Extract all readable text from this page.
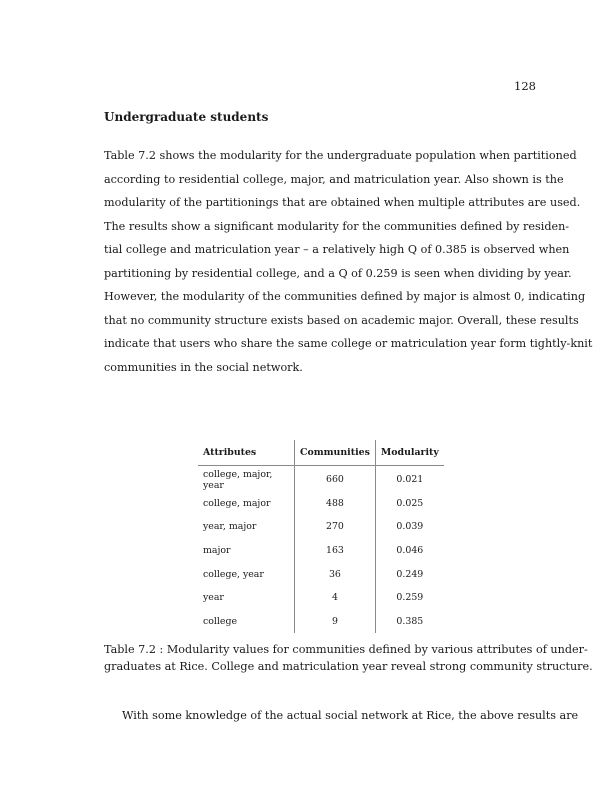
128
Undergraduate students
Table 7.2 shows the modularity for the undergraduate population when partitioned
according to residential college, major, and matriculation year. Also shown is the
modularity of the partitionings that are obtained when multiple attributes are used.
The results show a significant modularity for the communities defined by residen-
tial college and matriculation year – a relatively high Q of 0.385 is observed when
partitioning by residential college, and a Q of 0.259 is seen when dividing by year.
However, the modularity of the communities defined by major is almost 0, indicating
that no community structure exists based on academic major. Overall, these results
indicate that users who share the same college or matriculation year form tightly-knit
communities in the social network.
Attributes	Communities	Modularity
college, major, year	660	0.021
college, major	488	0.025
year, major	270	0.039
major	163	0.046
college, year	36	0.249
year	4	0.259
college	9	0.385
Table 7.2 : Modularity values for communities defined by various attributes of under-
graduates at Rice. College and matriculation year reveal strong community structure.
With some knowledge of the actual social network at Rice, the above results are
